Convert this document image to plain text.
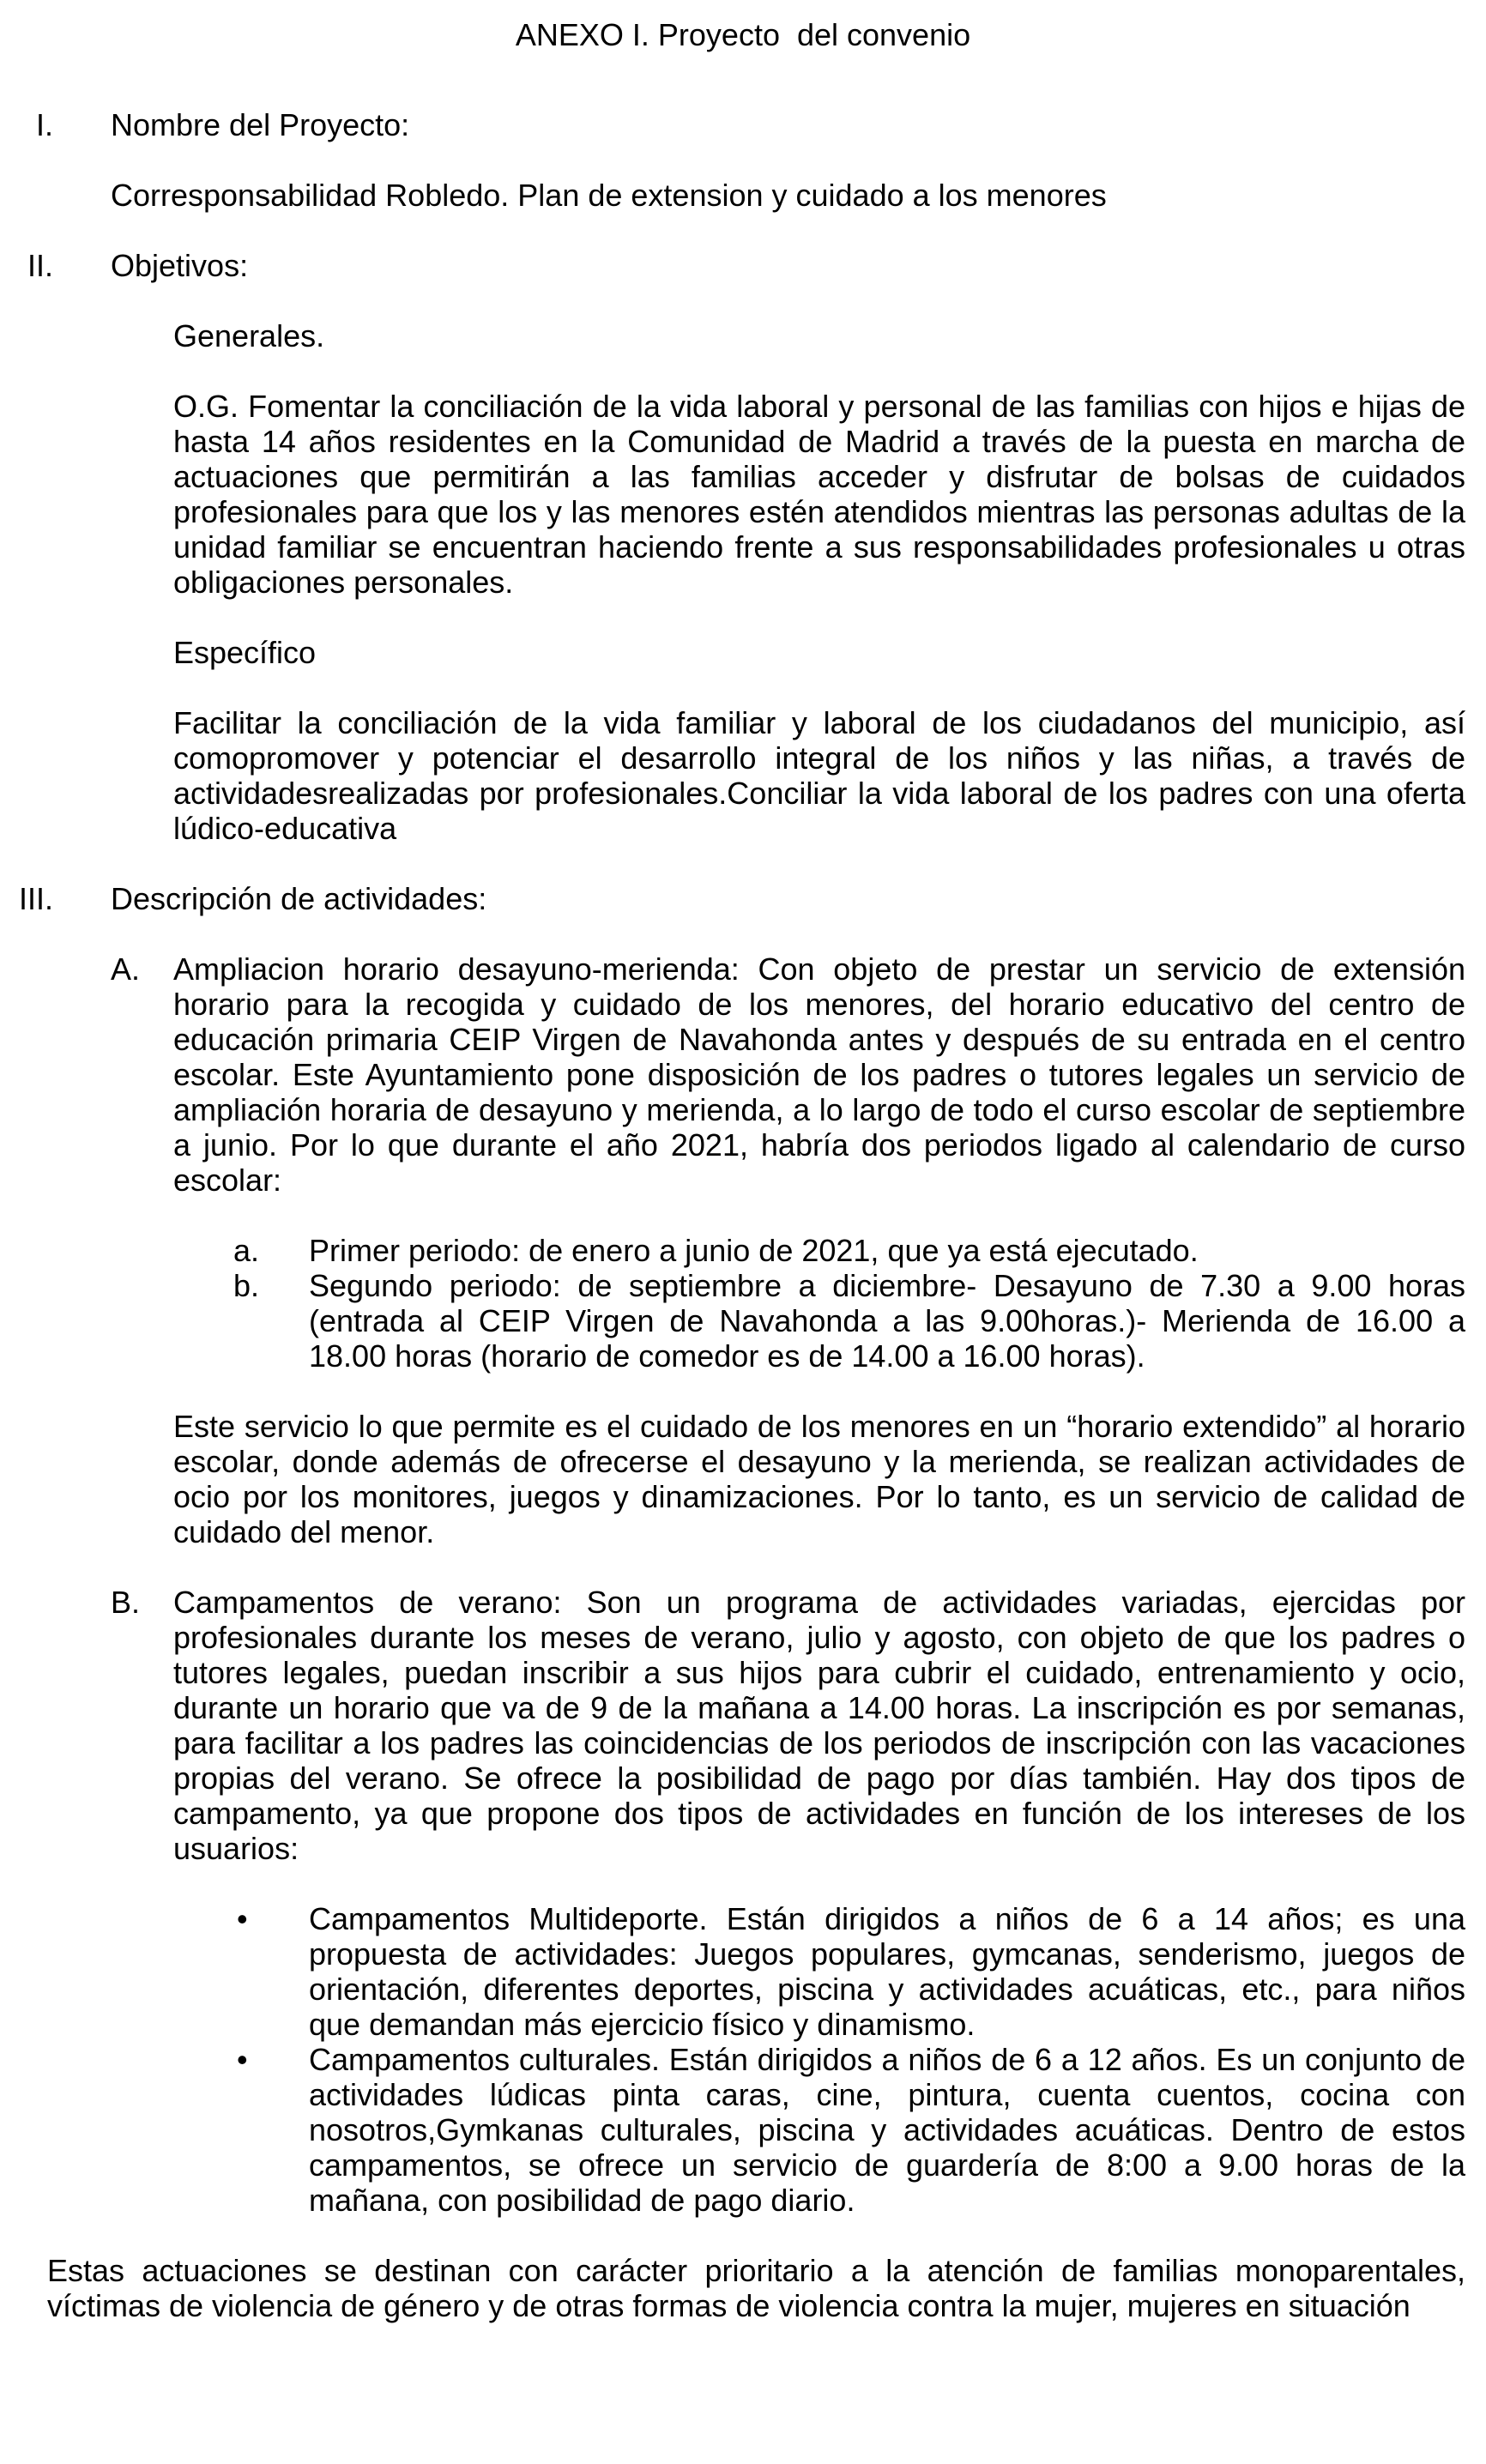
ANEXO I. Proyecto  del convenio
I. Nombre del Proyecto:
Corresponsabilidad Robledo. Plan de extension y cuidado a los menores
II. Objetivos:
Generales.
O.G. Fomentar la conciliación de la vida laboral y personal de las familias con hijos e hijas de hasta 14 años residentes en la Comunidad de Madrid a través de la puesta en marcha de actuaciones que permitirán a las familias acceder y disfrutar de bolsas de cuidados profesionales para que los y las menores estén atendidos mientras las personas adultas de la unidad familiar se encuentran haciendo frente a sus responsabilidades profesionales u otras obligaciones personales.
Específico
Facilitar la conciliación de la vida familiar y laboral de los ciudadanos del municipio, así comopromover y potenciar el desarrollo integral de los niños y las niñas, a través de actividadesrealizadas por profesionales.Conciliar la vida laboral de los padres con una oferta lúdico-educativa
III. Descripción de actividades:
A. Ampliacion horario desayuno-merienda: Con objeto de prestar un servicio de extensión horario para la recogida y cuidado de los menores, del horario educativo del centro de educación primaria CEIP Virgen de Navahonda antes y después de su entrada en el centro escolar. Este Ayuntamiento pone disposición de los padres o tutores legales un servicio de ampliación horaria de desayuno y merienda, a lo largo de todo el curso escolar de septiembre a junio. Por lo que durante el año 2021, habría dos periodos ligado al calendario de curso escolar:
a. Primer periodo: de enero a junio de 2021, que ya está ejecutado.
b. Segundo periodo: de septiembre a diciembre- Desayuno de 7.30 a 9.00 horas (entrada al CEIP Virgen de Navahonda a las 9.00horas.)- Merienda de 16.00 a 18.00 horas (horario de comedor es de 14.00 a 16.00 horas).
Este servicio lo que permite es el cuidado de los menores en un “horario extendido” al horario escolar, donde además de ofrecerse el desayuno y la merienda, se realizan actividades de ocio por los monitores, juegos y dinamizaciones. Por lo tanto, es un servicio de calidad de cuidado del menor.
B. Campamentos de verano: Son un programa de actividades variadas, ejercidas por profesionales durante los meses de verano, julio y agosto, con objeto de que los padres o tutores legales, puedan inscribir a sus hijos para cubrir el cuidado, entrenamiento y ocio, durante un horario que va de 9 de la mañana a 14.00 horas. La inscripción es por semanas, para facilitar a los padres las coincidencias de los periodos de inscripción con las vacaciones propias del verano. Se ofrece la posibilidad de pago por días también. Hay dos tipos de campamento, ya que propone dos tipos de actividades en función de los intereses de los usuarios:
• Campamentos Multideporte. Están dirigidos a niños de 6 a 14 años; es una propuesta de actividades: Juegos populares, gymcanas, senderismo, juegos de orientación, diferentes deportes, piscina y actividades acuáticas, etc., para niños que demandan más ejercicio físico y dinamismo.
• Campamentos culturales. Están dirigidos a niños de 6 a 12 años. Es un conjunto de actividades lúdicas pinta caras, cine, pintura, cuenta cuentos, cocina con nosotros,Gymkanas culturales, piscina y actividades acuáticas. Dentro de estos campamentos, se ofrece un servicio de guardería de 8:00 a 9.00 horas de la mañana, con posibilidad de pago diario.
Estas actuaciones se destinan con carácter prioritario a la atención de familias monoparentales, víctimas de violencia de género y de otras formas de violencia contra la mujer, mujeres en situación
